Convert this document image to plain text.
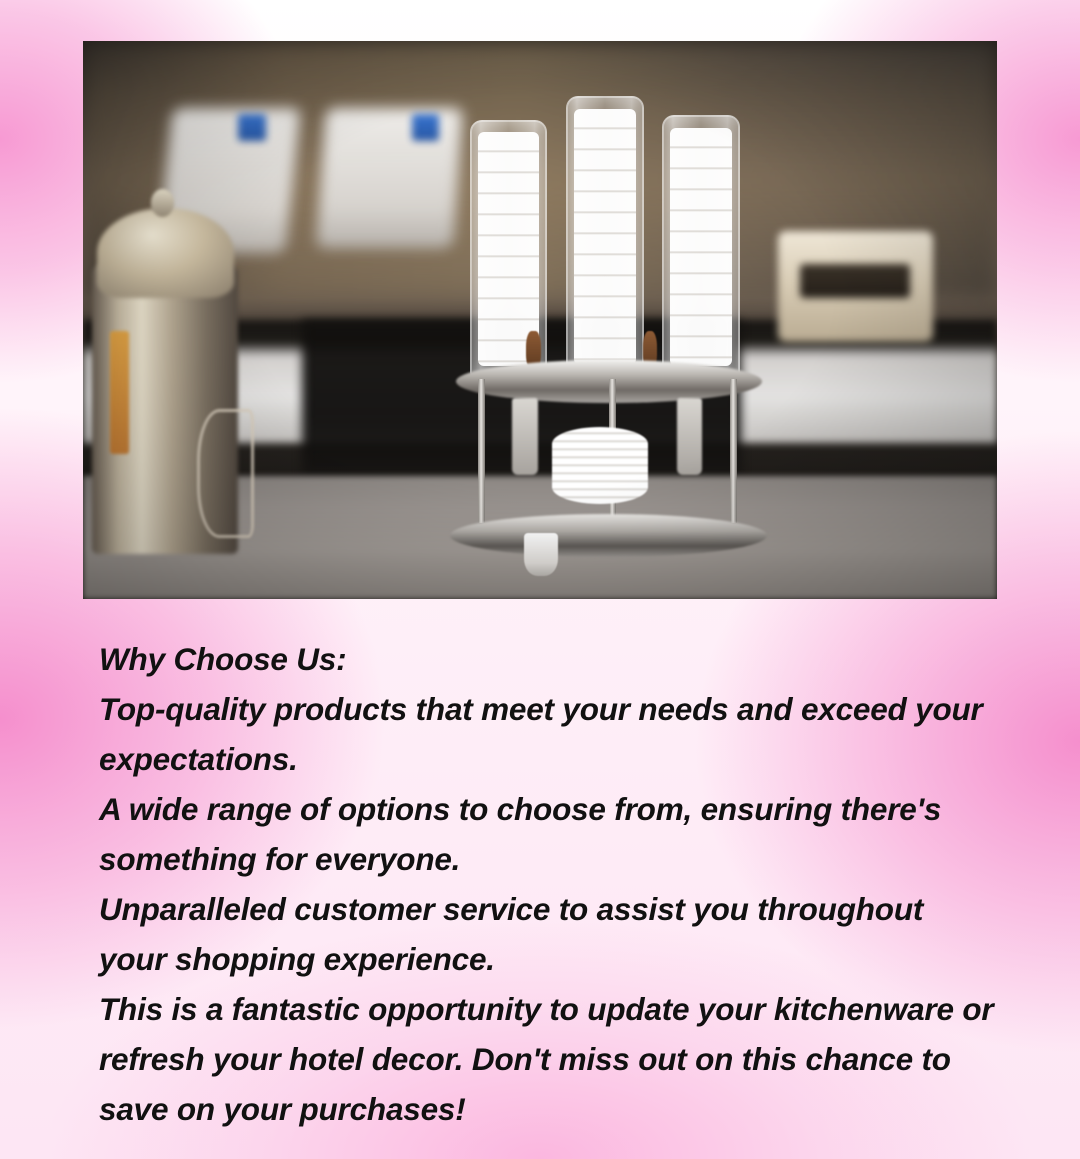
Why Choose Us:

Top-quality products that meet your needs and exceed your expectations.

A wide range of options to choose from, ensuring there's something for everyone.

Unparalleled customer service to assist you throughout your shopping experience.

This is a fantastic opportunity to update your kitchenware or refresh your hotel decor. Don't miss out on this chance to save on your purchases!
